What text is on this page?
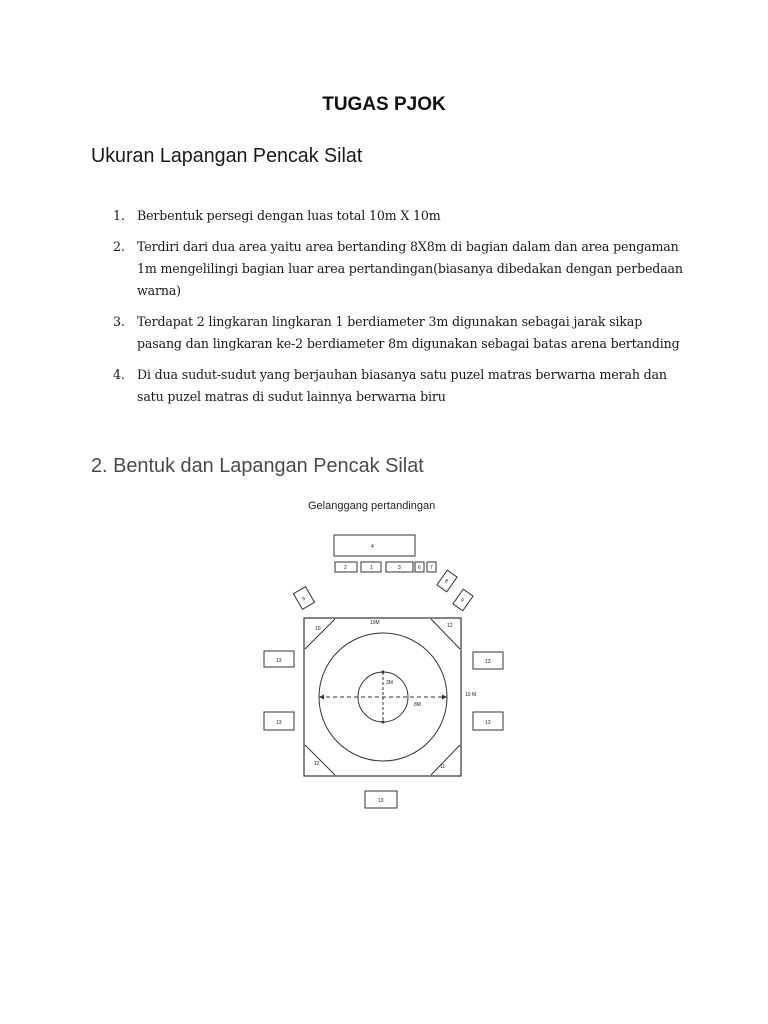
TUGAS PJOK
Ukuran Lapangan Pencak Silat
1. Berbentuk persegi dengan luas total 10m X 10m
2. Terdiri dari dua area yaitu area bertanding 8X8m di bagian dalam dan area pengaman 1m mengelilingi bagian luar area pertandingan(biasanya dibedakan dengan perbedaan warna)
3. Terdapat 2 lingkaran lingkaran 1 berdiameter 3m digunakan sebagai jarak sikap pasang dan lingkaran ke-2 berdiameter 8m digunakan sebagai batas arena bertanding
4. Di dua sudut-sudut yang berjauhan biasanya satu puzel matras berwarna merah dan satu puzel matras di sudut lainnya berwarna biru
2. Bentuk dan Lapangan Pencak Silat
Gelanggang pertandingan
4
2	1	3	6 7
9
8
9
10M
10 M
10	12
12	11
3M
8M
13
13
13
13
13
